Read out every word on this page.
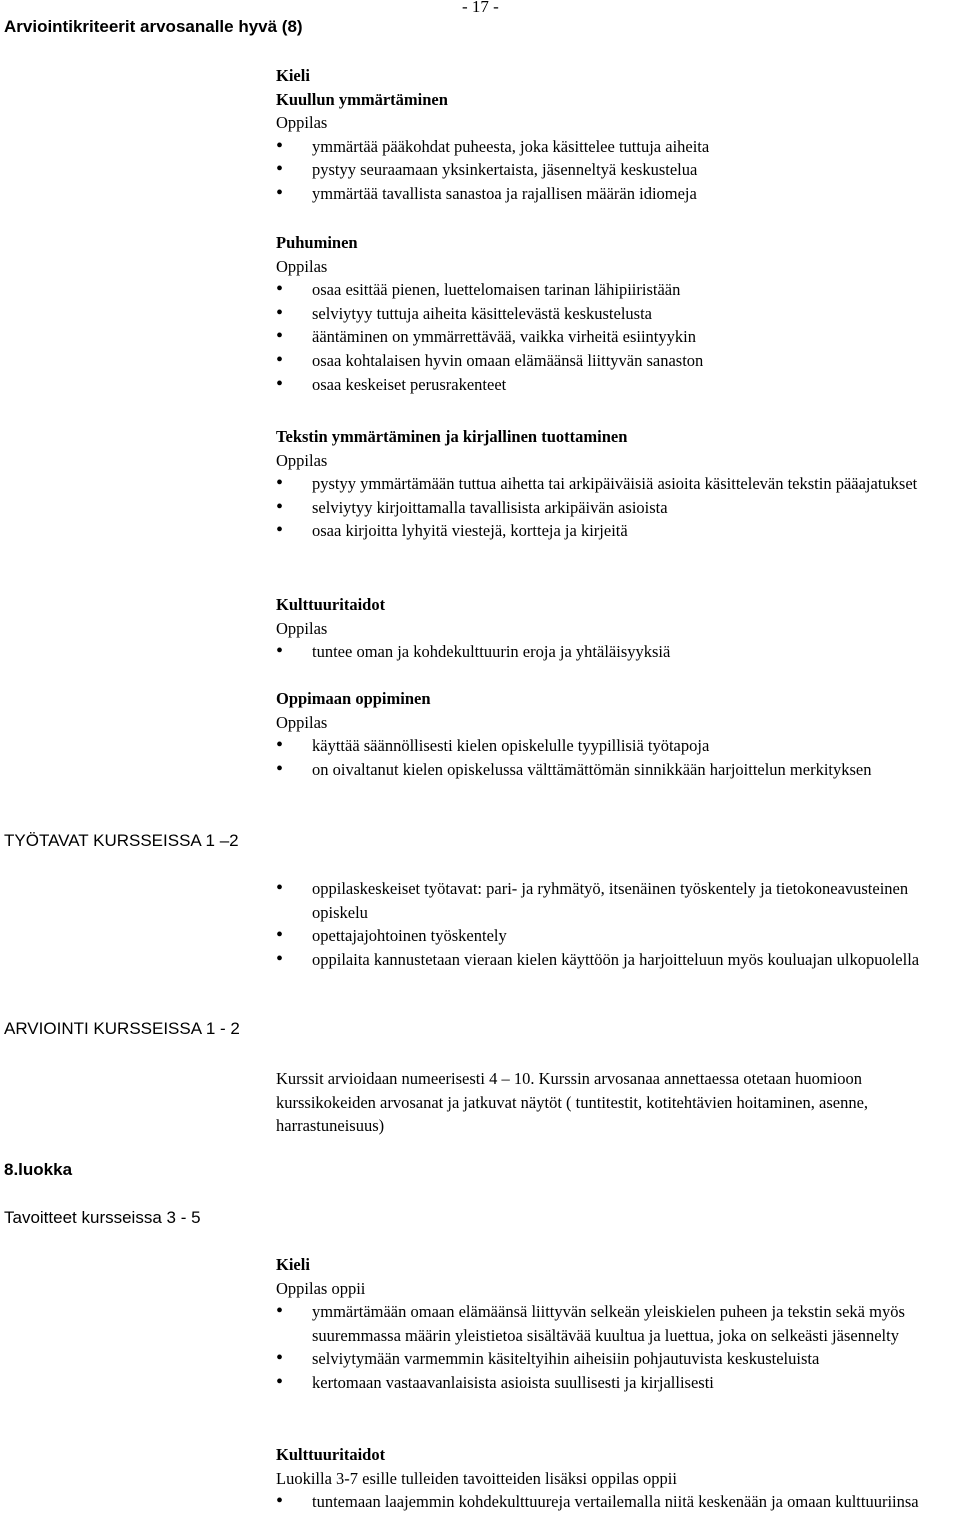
- 17 -
Arviointikriteerit arvosanalle hyvä (8)
TYÖTAVAT KURSSEISSA 1 –2
ARVIOINTI KURSSEISSA 1 - 2
8.luokka
Tavoitteet kursseissa 3 - 5
Kieli
Kuullun ymmärtäminen
Oppilas
• ymmärtää pääkohdat puheesta, joka käsittelee tuttuja aiheita
• pystyy seuraamaan yksinkertaista, jäsenneltyä keskustelua
• ymmärtää tavallista sanastoa ja rajallisen määrän idiomeja
Puhuminen
Oppilas
• osaa esittää pienen, luettelomaisen tarinan lähipiiristään
• selviytyy tuttuja aiheita käsittelevästä keskustelusta
• ääntäminen on ymmärrettävää, vaikka virheitä esiintyykin
• osaa kohtalaisen hyvin omaan elämäänsä liittyvän sanaston
• osaa keskeiset perusrakenteet
Tekstin ymmärtäminen ja kirjallinen tuottaminen
Oppilas
• pystyy ymmärtämään tuttua aihetta tai arkipäiväisiä asioita käsittelevän tekstin pääajatukset
• selviytyy kirjoittamalla tavallisista arkipäivän asioista
• osaa kirjoitta lyhyitä viestejä, kortteja ja kirjeitä
Kulttuuritaidot
Oppilas
• tuntee oman ja kohdekulttuurin eroja ja yhtäläisyyksiä
Oppimaan oppiminen
Oppilas
• käyttää säännöllisesti kielen opiskelulle tyypillisiä työtapoja
• on oivaltanut kielen opiskelussa välttämättömän sinnikkään harjoittelun merkityksen
• oppilaskeskeiset työtavat: pari- ja ryhmätyö, itsenäinen työskentely ja tietokoneavusteinen opiskelu
• opettajajohtoinen työskentely
• oppilaita kannustetaan vieraan kielen käyttöön ja harjoitteluun myös kouluajan ulkopuolella

Kurssit arvioidaan numeerisesti 4 – 10. Kurssin arvosanaa annettaessa otetaan huomioon kurssikokeiden arvosanat ja jatkuvat näytöt ( tuntitestit, kotitehtävien hoitaminen, asenne, harrastuneisuus)

Kieli
Oppilas oppii
• ymmärtämään omaan elämäänsä liittyvän selkeän yleiskielen puheen ja tekstin sekä myös suuremmassa määrin yleistietoa sisältävää kuultua ja luettua, joka on selkeästi jäsennelty
• selviytymään varmemmin käsiteltyihin aiheisiin pohjautuvista keskusteluista
• kertomaan vastaavanlaisista asioista suullisesti ja kirjallisesti
Kulttuuritaidot
Luokilla 3-7 esille tulleiden tavoitteiden lisäksi oppilas oppii
• tuntemaan laajemmin kohdekulttuureja vertailemalla niitä keskenään ja omaan kulttuuriinsa
